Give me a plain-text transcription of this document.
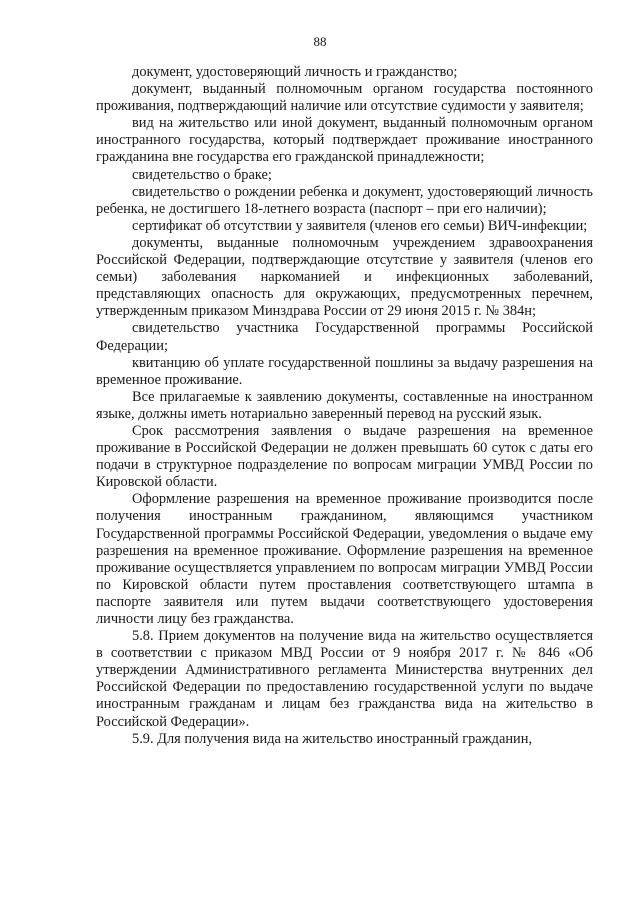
88

документ, удостоверяющий личность и гражданство;

документ, выданный полномочным органом государства постоянного проживания, подтверждающий наличие или отсутствие судимости у заявителя;

вид на жительство или иной документ, выданный полномочным органом иностранного государства, который подтверждает проживание иностранного гражданина вне государства его гражданской принадлежности;

свидетельство о браке;

свидетельство о рождении ребенка и документ, удостоверяющий личность ребенка, не достигшего 18-летнего возраста (паспорт – при его наличии);

сертификат об отсутствии у заявителя (членов его семьи) ВИЧ-инфекции;

документы, выданные полномочным учреждением здравоохранения Российской Федерации, подтверждающие отсутствие у заявителя (членов его семьи) заболевания наркоманией и инфекционных заболеваний, представляющих опасность для окружающих, предусмотренных перечнем, утвержденным приказом Минздрава России от 29 июня 2015 г. № 384н;

свидетельство участника Государственной программы Российской Федерации;

квитанцию об уплате государственной пошлины за выдачу разрешения на временное проживание.

Все прилагаемые к заявлению документы, составленные на иностранном языке, должны иметь нотариально заверенный перевод на русский язык.

Срок рассмотрения заявления о выдаче разрешения на временное проживание в Российской Федерации не должен превышать 60 суток с даты его подачи в структурное подразделение по вопросам миграции УМВД России по Кировской области.

Оформление разрешения на временное проживание производится после получения иностранным гражданином, являющимся участником Государственной программы Российской Федерации, уведомления о выдаче ему разрешения на временное проживание. Оформление разрешения на временное проживание осуществляется управлением по вопросам миграции УМВД России по Кировской области путем проставления соответствующего штампа в паспорте заявителя или путем выдачи соответствующего удостоверения личности лицу без гражданства.

5.8. Прием документов на получение вида на жительство осуществляется в соответствии с приказом МВД России от 9 ноября 2017 г. № 846 «Об утверждении Административного регламента Министерства внутренних дел Российской Федерации по предоставлению государственной услуги по выдаче иностранным гражданам и лицам без гражданства вида на жительство в Российской Федерации».

5.9. Для получения вида на жительство иностранный гражданин,
